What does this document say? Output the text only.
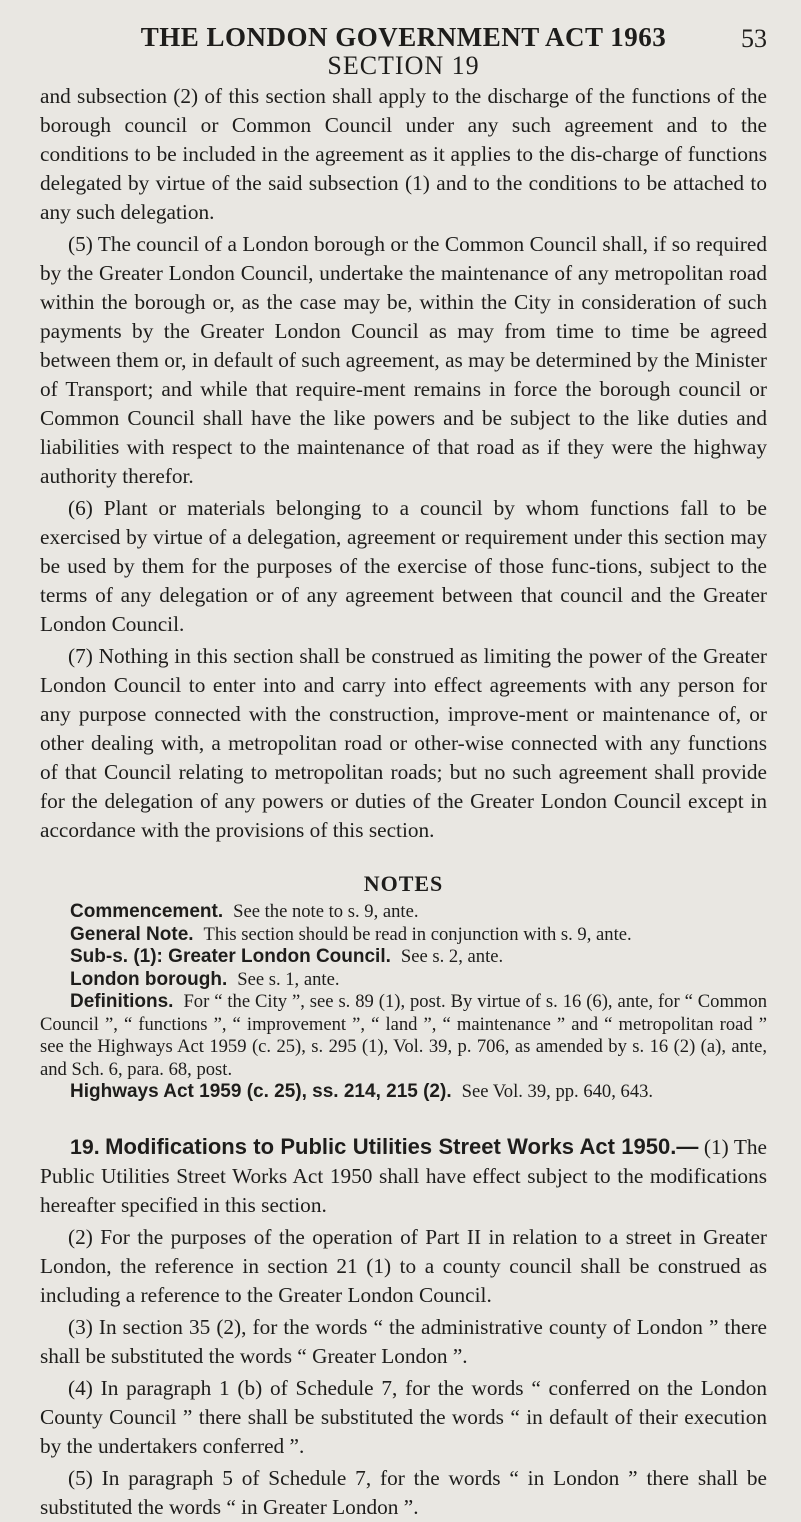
THE LONDON GOVERNMENT ACT 1963	53
SECTION 19

and subsection (2) of this section shall apply to the discharge of the functions of the borough council or Common Council under any such agreement and to the conditions to be included in the agreement as it applies to the dis-charge of functions delegated by virtue of the said subsection (1) and to the conditions to be attached to any such delegation.

(5) The council of a London borough or the Common Council shall, if so required by the Greater London Council, undertake the maintenance of any metropolitan road within the borough or, as the case may be, within the City in consideration of such payments by the Greater London Council as may from time to time be agreed between them or, in default of such agreement, as may be determined by the Minister of Transport; and while that require-ment remains in force the borough council or Common Council shall have the like powers and be subject to the like duties and liabilities with respect to the maintenance of that road as if they were the highway authority therefor.

(6) Plant or materials belonging to a council by whom functions fall to be exercised by virtue of a delegation, agreement or requirement under this section may be used by them for the purposes of the exercise of those func-tions, subject to the terms of any delegation or of any agreement between that council and the Greater London Council.

(7) Nothing in this section shall be construed as limiting the power of the Greater London Council to enter into and carry into effect agreements with any person for any purpose connected with the construction, improve-ment or maintenance of, or other dealing with, a metropolitan road or other-wise connected with any functions of that Council relating to metropolitan roads; but no such agreement shall provide for the delegation of any powers or duties of the Greater London Council except in accordance with the provisions of this section.

NOTES

Commencement. See the note to s. 9, ante.

General Note. This section should be read in conjunction with s. 9, ante.

Sub-s. (1): Greater London Council. See s. 2, ante.

London borough. See s. 1, ante.

Definitions. For “ the City ”, see s. 89 (1), post. By virtue of s. 16 (6), ante, for “ Common Council ”, “ functions ”, “ improvement ”, “ land ”, “ maintenance ” and “ metropolitan road ” see the Highways Act 1959 (c. 25), s. 295 (1), Vol. 39, p. 706, as amended by s. 16 (2) (a), ante, and Sch. 6, para. 68, post.

Highways Act 1959 (c. 25), ss. 214, 215 (2). See Vol. 39, pp. 640, 643.

19. Modifications to Public Utilities Street Works Act 1950.— (1) The Public Utilities Street Works Act 1950 shall have effect subject to the modifications hereafter specified in this section.

(2) For the purposes of the operation of Part II in relation to a street in Greater London, the reference in section 21 (1) to a county council shall be construed as including a reference to the Greater London Council.

(3) In section 35 (2), for the words “ the administrative county of London ” there shall be substituted the words “ Greater London ”.

(4) In paragraph 1 (b) of Schedule 7, for the words “ conferred on the London County Council ” there shall be substituted the words “ in default of their execution by the undertakers conferred ”.

(5) In paragraph 5 of Schedule 7, for the words “ in London ” there shall be substituted the words “ in Greater London ”.
